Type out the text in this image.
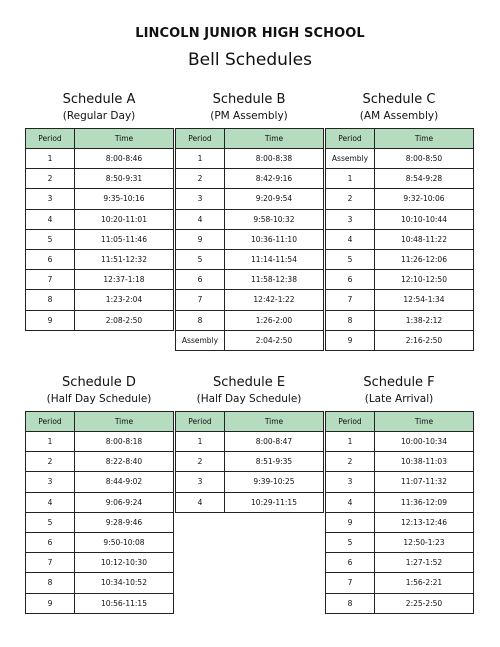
LINCOLN JUNIOR HIGH SCHOOL
Bell Schedules
Schedule A
(Regular Day)
Period	Time
1	8:00-8:46
2	8:50-9:31
3	9:35-10:16
4	10:20-11:01
5	11:05-11:46
6	11:51-12:32
7	12:37-1:18
8	1:23-2:04
9	2:08-2:50
Schedule B
(PM Assembly)
Period	Time
1	8:00-8:38
2	8:42-9:16
3	9:20-9:54
4	9:58-10:32
9	10:36-11:10
5	11:14-11:54
6	11:58-12:38
7	12:42-1:22
8	1:26-2:00
Assembly	2:04-2:50
Schedule C
(AM Assembly)
Period	Time
Assembly	8:00-8:50
1	8:54-9:28
2	9:32-10:06
3	10:10-10:44
4	10:48-11:22
5	11:26-12:06
6	12:10-12:50
7	12:54-1:34
8	1:38-2:12
9	2:16-2:50
Schedule D
(Half Day Schedule)
Period	Time
1	8:00-8:18
2	8:22-8:40
3	8:44-9:02
4	9:06-9:24
5	9:28-9:46
6	9:50-10:08
7	10:12-10:30
8	10:34-10:52
9	10:56-11:15
Schedule E
(Half Day Schedule)
Period	Time
1	8:00-8:47
2	8:51-9:35
3	9:39-10:25
4	10:29-11:15
Schedule F
(Late Arrival)
Period	Time
1	10:00-10:34
2	10:38-11:03
3	11:07-11:32
4	11:36-12:09
9	12:13-12:46
5	12:50-1:23
6	1:27-1:52
7	1:56-2:21
8	2:25-2:50
